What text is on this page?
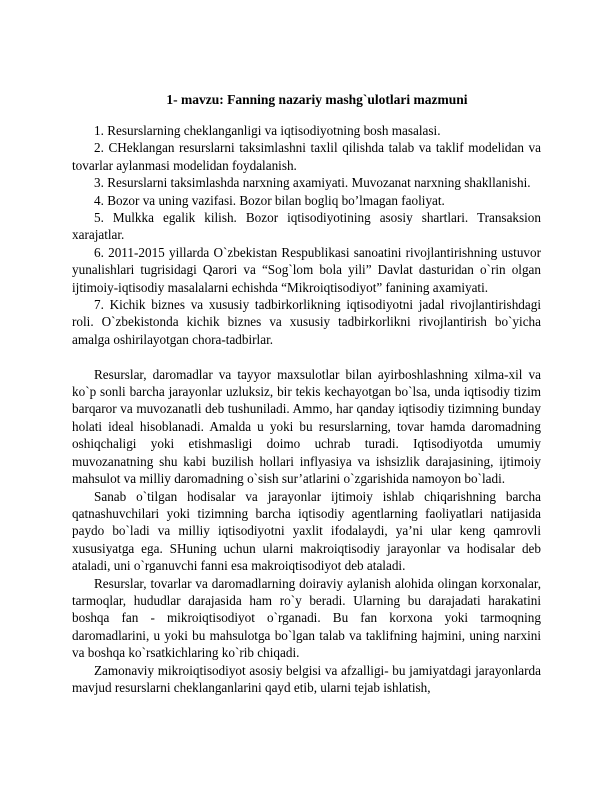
1- mavzu: Fanning nazariy mashg`ulotlari mazmuni

1. Resurslarning cheklanganligi va iqtisodiyotning bosh masalasi.

2. CHeklangan resurslarni taksimlashni taxlil qilishda talab va taklif modelidan va tovarlar aylanmasi modelidan foydalanish.

3. Resurslarni taksimlashda narxning axamiyati. Muvozanat narxning shakllanishi.

4. Bozor va uning vazifasi. Bozor bilan bogliq bo’lmagan faoliyat.

5. Mulkka egalik kilish. Bozor iqtisodiyotining asosiy shartlari. Transaksion xarajatlar.

6. 2011-2015 yillarda O`zbekistan Respublikasi sanoatini rivojlantirishning ustuvor yunalishlari tugrisidagi Qarori va “Sog`lom bola yili” Davlat dasturidan o`rin olgan ijtimoiy-iqtisodiy masalalarni echishda “Mikroiqtisodiyot” fanining axamiyati.

7. Kichik biznes va xususiy tadbirkorlikning iqtisodiyotni jadal rivojlantirishdagi roli. O`zbekistonda kichik biznes va xususiy tadbirkorlikni rivojlantirish bo`yicha amalga oshirilayotgan chora-tadbirlar.

Resurslar, daromadlar va tayyor maxsulotlar bilan ayirboshlashning xilma-xil va ko`p sonli barcha jarayonlar uzluksiz, bir tekis kechayotgan bo`lsa, unda iqtisodiy tizim barqaror va muvozanatli deb tushuniladi. Ammo, har qanday iqtisodiy tizimning bunday holati ideal hisoblanadi. Amalda u yoki bu resurslarning, tovar hamda daromadning oshiqchaligi yoki etishmasligi doimo uchrab turadi. Iqtisodiyotda umumiy muvozanatning shu kabi buzilish hollari inflyasiya va ishsizlik darajasining, ijtimoiy mahsulot va milliy daromadning o`sish sur’atlarini o`zgarishida namoyon bo`ladi.

Sanab o`tilgan hodisalar va jarayonlar ijtimoiy ishlab chiqarishning barcha qatnashuvchilari yoki tizimning barcha iqtisodiy agentlarning faoliyatlari natijasida paydo bo`ladi va milliy iqtisodiyotni yaxlit ifodalaydi, ya’ni ular keng qamrovli xususiyatga ega. SHuning uchun ularni makroiqtisodiy jarayonlar va hodisalar deb ataladi, uni o`rganuvchi fanni esa makroiqtisodiyot deb ataladi.

Resurslar, tovarlar va daromadlarning doiraviy aylanish alohida olingan korxonalar, tarmoqlar, hududlar darajasida ham ro`y beradi. Ularning bu darajadati harakatini boshqa fan - mikroiqtisodiyot o`rganadi. Bu fan korxona yoki tarmoqning daromadlarini, u yoki bu mahsulotga bo`lgan talab va taklifning hajmini, uning narxini va boshqa ko`rsatkichlaring ko`rib chiqadi.

Zamonaviy mikroiqtisodiyot asosiy belgisi va afzalligi- bu jamiyatdagi jarayonlarda mavjud resurslarni cheklanganlarini qayd etib, ularni tejab ishlatish,
